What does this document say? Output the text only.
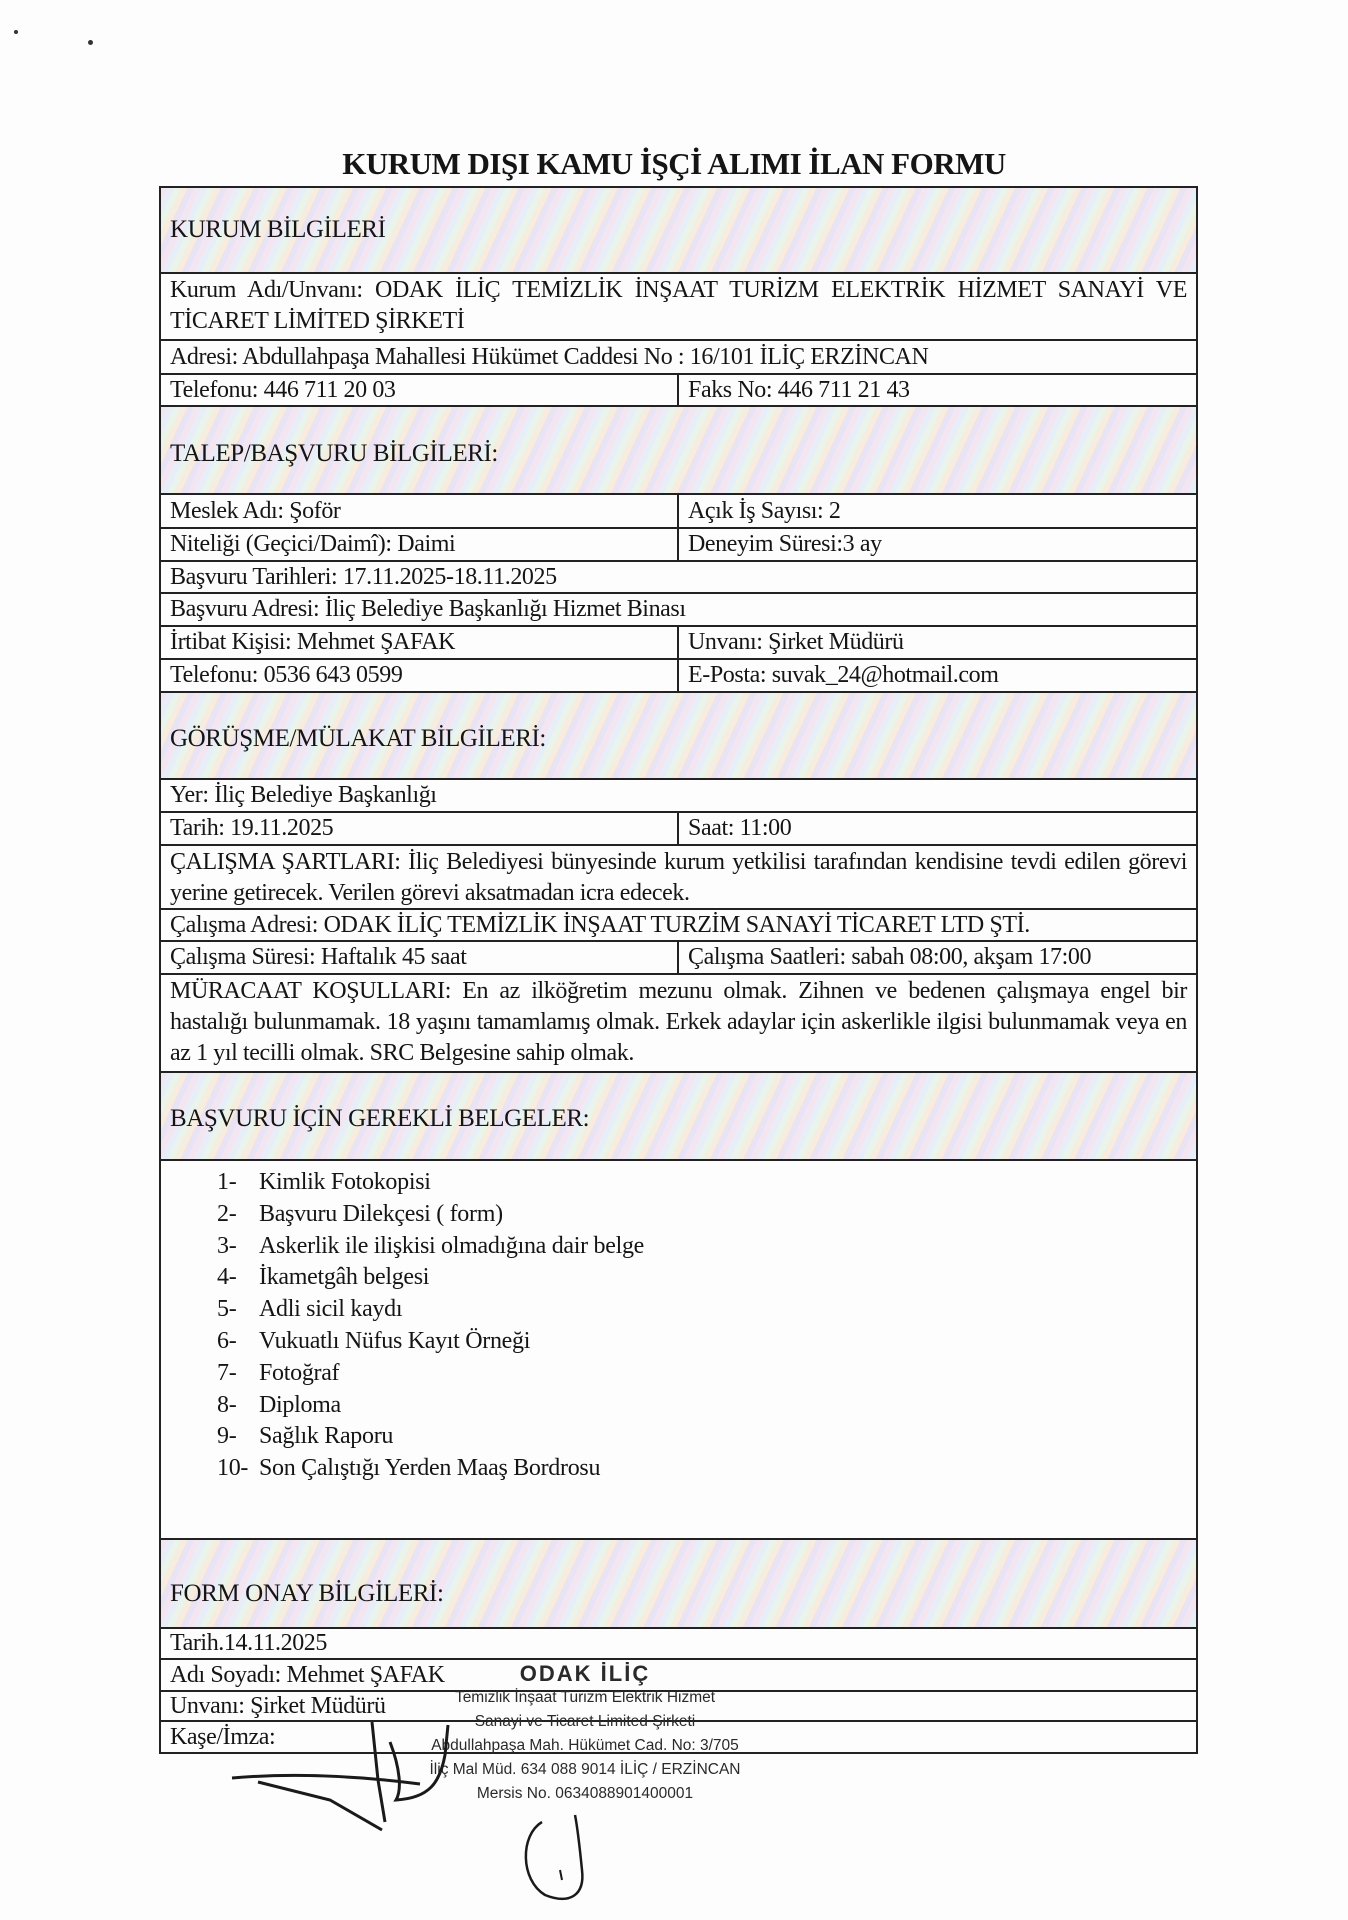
KURUM DIŞI KAMU İŞÇİ ALIMI İLAN FORMU
KURUM BİLGİLERİ
Kurum Adı/Unvanı: ODAK İLİÇ TEMİZLİK İNŞAAT TURİZM ELEKTRİK HİZMET SANAYİ VE TİCARET LİMİTED ŞİRKETİ
Adresi: Abdullahpaşa Mahallesi Hükümet Caddesi No : 16/101 İLİÇ ERZİNCAN
Telefonu: 446 711 20 03	Faks No: 446 711 21 43
TALEP/BAŞVURU BİLGİLERİ:
Meslek Adı: Şoför	Açık İş Sayısı: 2
Niteliği (Geçici/Daimî): Daimi	Deneyim Süresi:3 ay
Başvuru Tarihleri: 17.11.2025-18.11.2025
Başvuru Adresi: İliç Belediye Başkanlığı Hizmet Binası
İrtibat Kişisi: Mehmet ŞAFAK	Unvanı: Şirket Müdürü
Telefonu: 0536 643 0599	E-Posta: suvak_24@hotmail.com
GÖRÜŞME/MÜLAKAT BİLGİLERİ:
Yer: İliç Belediye Başkanlığı
Tarih: 19.11.2025	Saat: 11:00
ÇALIŞMA ŞARTLARI: İliç Belediyesi bünyesinde kurum yetkilisi tarafından kendisine tevdi edilen görevi yerine getirecek. Verilen görevi aksatmadan icra edecek.
Çalışma Adresi: ODAK İLİÇ TEMİZLİK İNŞAAT TURZİM SANAYİ TİCARET LTD ŞTİ.
Çalışma Süresi: Haftalık 45 saat	Çalışma Saatleri: sabah 08:00, akşam 17:00
MÜRACAAT KOŞULLARI: En az ilköğretim mezunu olmak. Zihnen ve bedenen çalışmaya engel bir hastalığı bulunmamak. 18 yaşını tamamlamış olmak. Erkek adaylar için askerlikle ilgisi bulunmamak veya en az 1 yıl tecilli olmak. SRC Belgesine sahip olmak.
BAŞVURU İÇİN GEREKLİ BELGELER:
1- Kimlik Fotokopisi
2- Başvuru Dilekçesi ( form)
3- Askerlik ile ilişkisi olmadığına dair belge
4- İkametgâh belgesi
5- Adli sicil kaydı
6- Vukuatlı Nüfus Kayıt Örneği
7- Fotoğraf
8- Diploma
9- Sağlık Raporu
10- Son Çalıştığı Yerden Maaş Bordrosu
FORM ONAY BİLGİLERİ:
Tarih.14.11.2025
Adı Soyadı: Mehmet ŞAFAK
Unvanı: Şirket Müdürü
Kaşe/İmza:
ODAK İLİÇ
Temizlik İnşaat Turizm Elektrik Hizmet
Sanayi ve Ticaret Limited Şirketi
Abdullahpaşa Mah. Hükümet Cad. No: 3/705
İliç Mal Müd. 634 088 9014 İLİÇ / ERZİNCAN
Mersis No. 0634088901400001
